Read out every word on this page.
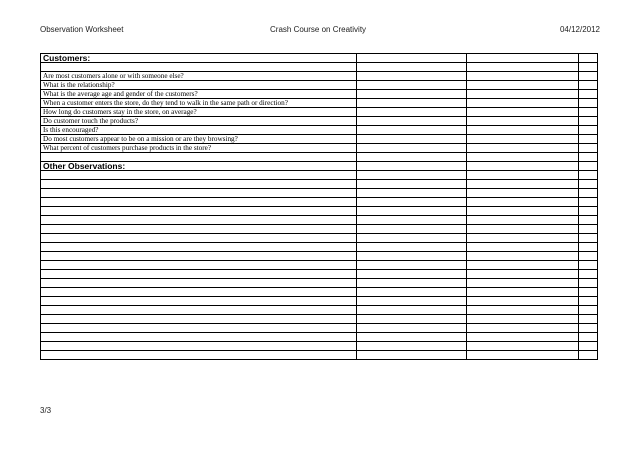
Observation Worksheet	Crash Course on Creativity	04/12/2012
Customers:			

Are most customers alone or with someone else?			
What is the relationship?			
What is the average age and gender of the customers?			
When a customer enters the store, do they tend to walk in the same path or direction?			
How long do customers stay in the store, on average?			
Do customer touch the products?			
Is this encouraged?			
Do most customers appear to be on a mission or are they browsing?			
What percent of customers purchase products in the store?			

Other Observations:			

3/3
